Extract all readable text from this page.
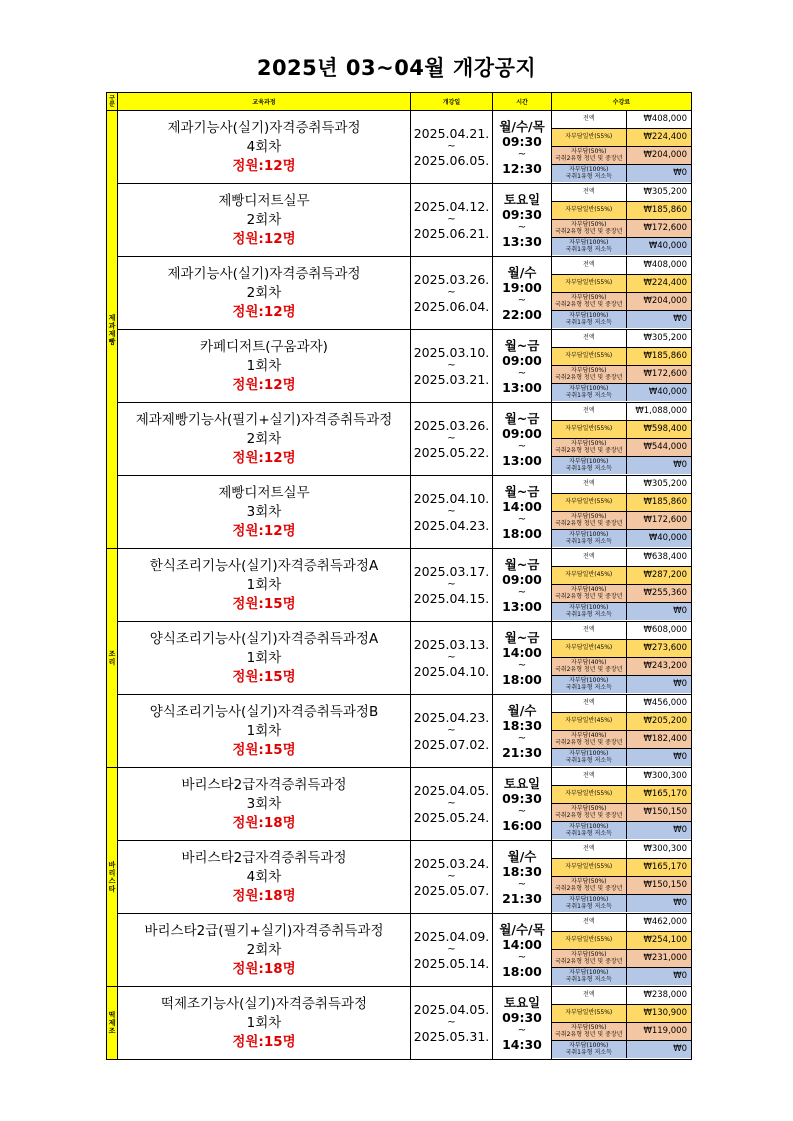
2025년 03~04월 개강공지
구분	교육과정	개강일	시간	수강료

제과제빵

제과기능사(실기)자격증취득과정
4회차
정원:12명

2025.04.21.
~
2025.06.05.

월/수/목
09:30
~
12:30

전액	₩408,000

자부담일반(55%)	₩224,400

자부담(50%)
국취2유형 청년 및 중장년	₩204,000

자부담(100%)
국취1유형 저소득	₩0

제빵디저트실무
2회차
정원:12명

2025.04.12.
~
2025.06.21.

토요일
09:30
~
13:30

전액	₩305,200

자부담일반(55%)	₩185,860

자부담(50%)
국취2유형 청년 및 중장년	₩172,600

자부담(100%)
국취1유형 저소득	₩40,000

제과기능사(실기)자격증취득과정
2회차
정원:12명

2025.03.26.
~
2025.06.04.

월/수
19:00
~
22:00

전액	₩408,000

자부담일반(55%)	₩224,400

자부담(50%)
국취2유형 청년 및 중장년	₩204,000

자부담(100%)
국취1유형 저소득	₩0

카페디저트(구움과자)
1회차
정원:12명

2025.03.10.
~
2025.03.21.

월~금
09:00
~
13:00

전액	₩305,200

자부담일반(55%)	₩185,860

자부담(50%)
국취2유형 청년 및 중장년	₩172,600

자부담(100%)
국취1유형 저소득	₩40,000

제과제빵기능사(필기+실기)자격증취득과정
2회차
정원:12명

2025.03.26.
~
2025.05.22.

월~금
09:00
~
13:00

전액	₩1,088,000

자부담일반(55%)	₩598,400

자부담(50%)
국취2유형 청년 및 중장년	₩544,000

자부담(100%)
국취1유형 저소득	₩0

제빵디저트실무
3회차
정원:12명

2025.04.10.
~
2025.04.23.

월~금
14:00
~
18:00

전액	₩305,200

자부담일반(55%)	₩185,860

자부담(50%)
국취2유형 청년 및 중장년	₩172,600

자부담(100%)
국취1유형 저소득	₩40,000

조리

한식조리기능사(실기)자격증취득과정A
1회차
정원:15명

2025.03.17.
~
2025.04.15.

월~금
09:00
~
13:00

전액	₩638,400

자부담일반(45%)	₩287,200

자부담(40%)
국취2유형 청년 및 중장년	₩255,360

자부담(100%)
국취1유형 저소득	₩0

양식조리기능사(실기)자격증취득과정A
1회차
정원:15명

2025.03.13.
~
2025.04.10.

월~금
14:00
~
18:00

전액	₩608,000

자부담일반(45%)	₩273,600

자부담(40%)
국취2유형 청년 및 중장년	₩243,200

자부담(100%)
국취1유형 저소득	₩0

양식조리기능사(실기)자격증취득과정B
1회차
정원:15명

2025.04.23.
~
2025.07.02.

월/수
18:30
~
21:30

전액	₩456,000

자부담일반(45%)	₩205,200

자부담(40%)
국취2유형 청년 및 중장년	₩182,400

자부담(100%)
국취1유형 저소득	₩0

바리스타

바리스타2급자격증취득과정
3회차
정원:18명

2025.04.05.
~
2025.05.24.

토요일
09:30
~
16:00

전액	₩300,300

자부담일반(55%)	₩165,170

자부담(50%)
국취2유형 청년 및 중장년	₩150,150

자부담(100%)
국취1유형 저소득	₩0

바리스타2급자격증취득과정
4회차
정원:18명

2025.03.24.
~
2025.05.07.

월/수
18:30
~
21:30

전액	₩300,300

자부담일반(55%)	₩165,170

자부담(50%)
국취2유형 청년 및 중장년	₩150,150

자부담(100%)
국취1유형 저소득	₩0

바리스타2급(필기+실기)자격증취득과정
2회차
정원:18명

2025.04.09.
~
2025.05.14.

월/수/목
14:00
~
18:00

전액	₩462,000

자부담일반(55%)	₩254,100

자부담(50%)
국취2유형 청년 및 중장년	₩231,000

자부담(100%)
국취1유형 저소득	₩0

떡제조

떡제조기능사(실기)자격증취득과정
1회차
정원:15명

2025.04.05.
~
2025.05.31.

토요일
09:30
~
14:30

전액	₩238,000

자부담일반(55%)	₩130,900

자부담(50%)
국취2유형 청년 및 중장년	₩119,000

자부담(100%)
국취1유형 저소득	₩0
